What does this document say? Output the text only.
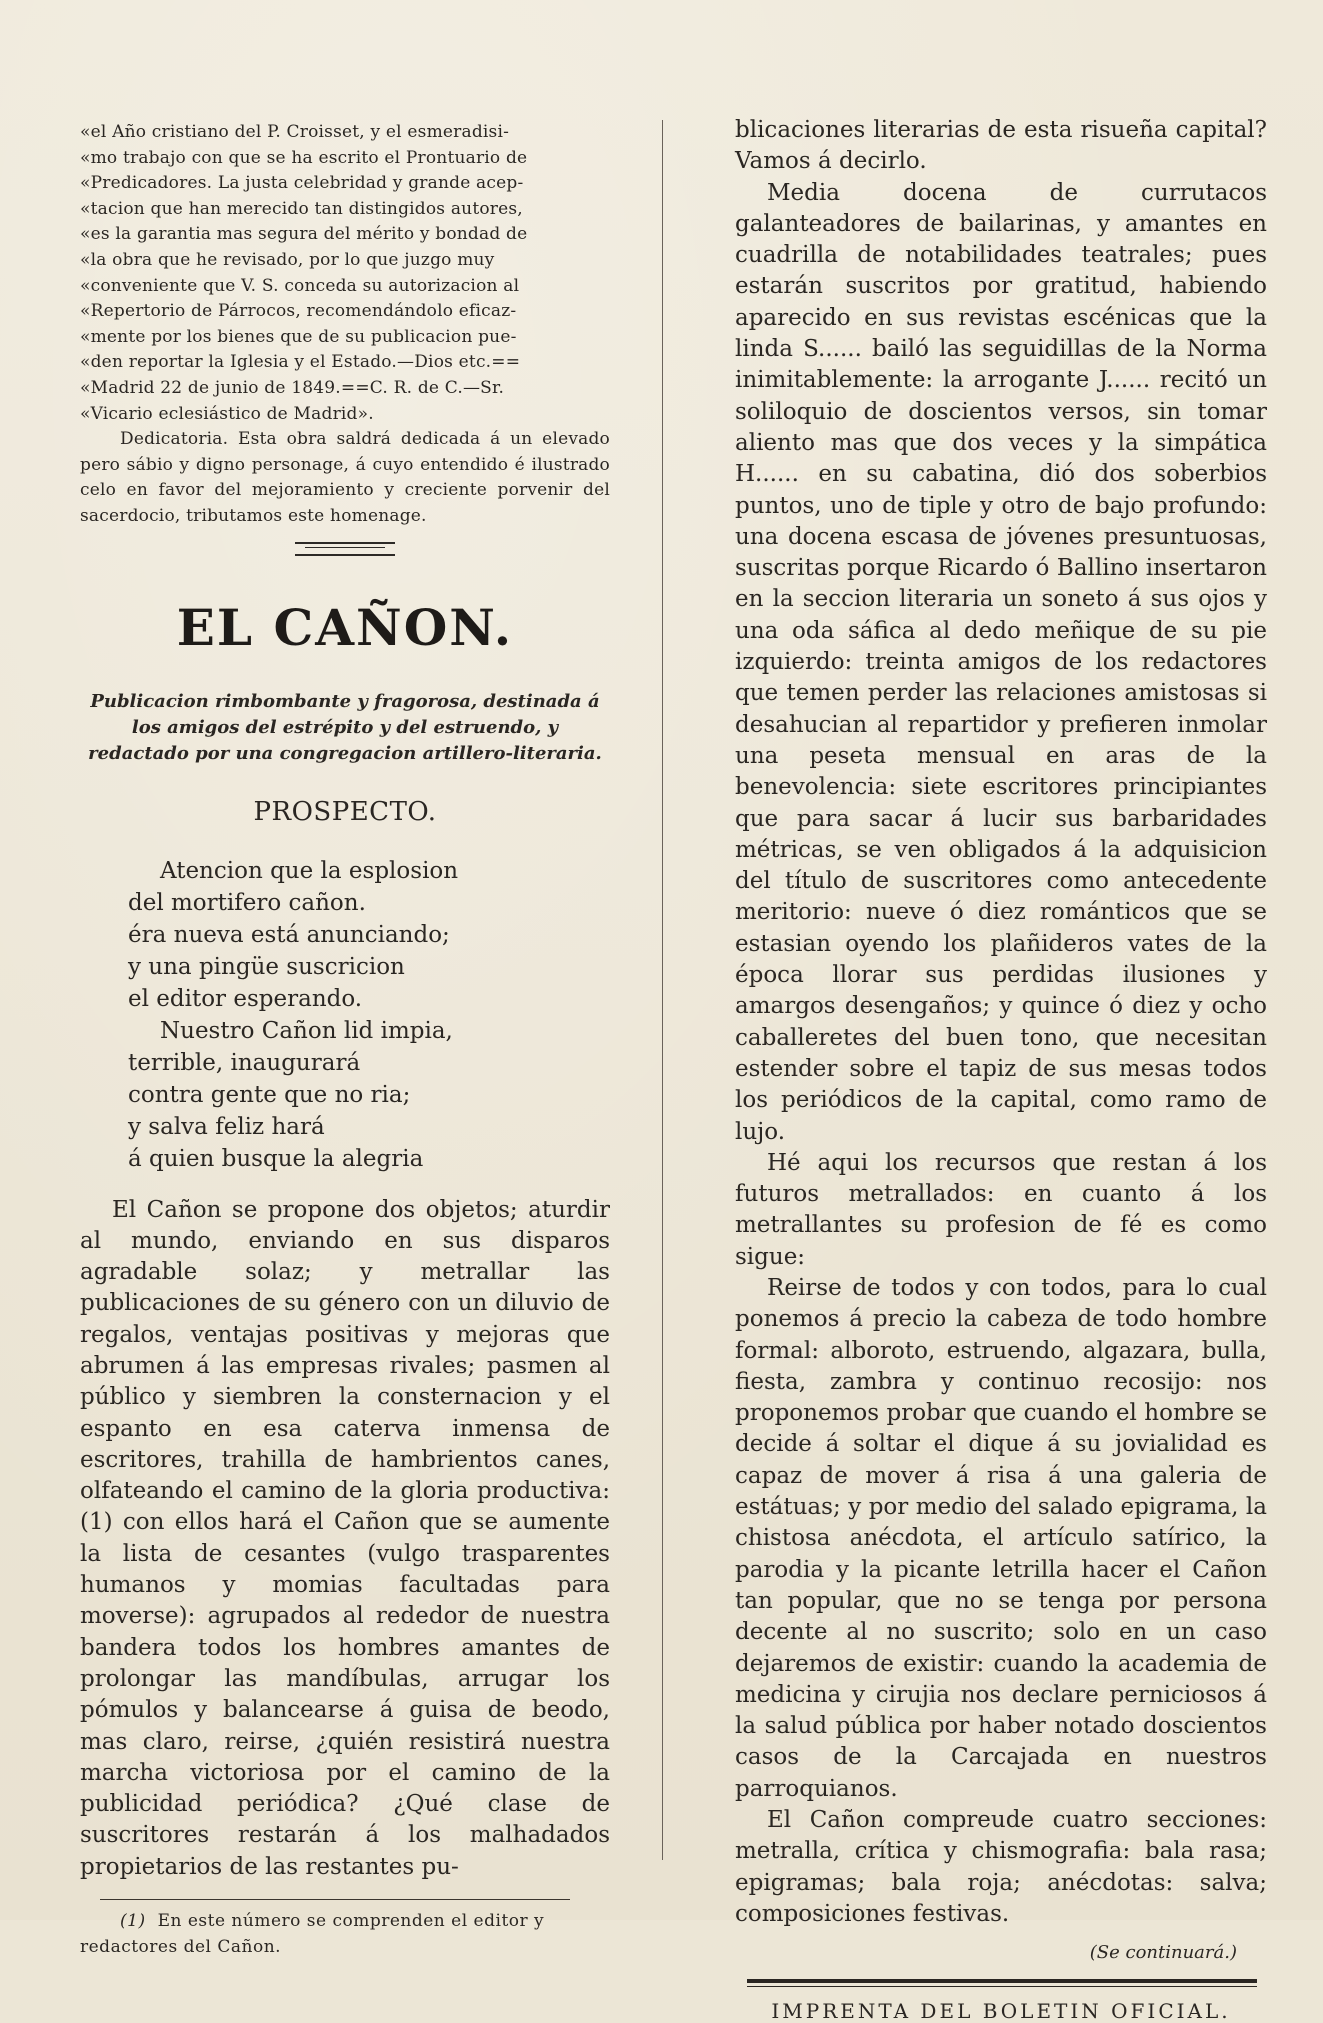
«el Año cristiano del P. Croisset, y el esmeradisi-

«mo trabajo con que se ha escrito el Prontuario de

«Predicadores. La justa celebridad y grande acep-

«tacion que han merecido tan distingidos autores,

«es la garantia mas segura del mérito y bondad de

«la obra que he revisado, por lo que juzgo muy

«conveniente que V. S. conceda su autorizacion al

«Repertorio de Párrocos, recomendándolo eficaz-

«mente por los bienes que de su publicacion pue-

«den reportar la Iglesia y el Estado.—Dios etc.==

«Madrid 22 de junio de 1849.==C. R. de C.—Sr.

«Vicario eclesiástico de Madrid».

Dedicatoria. Esta obra saldrá dedicada á un elevado pero sábio y digno personage, á cuyo entendido é ilustrado celo en favor del mejoramiento y creciente porvenir del sacerdocio, tributamos este homenage.

EL CAÑON.
Publicacion rimbombante y fragorosa, destinada á los amigos del estrépito y del estruendo, y redactado por una congregacion artillero-literaria.
PROSPECTO.
Atencion que la esplosion
del mortifero cañon.
éra nueva está anunciando;
y una pingüe suscricion
el editor esperando.
Nuestro Cañon lid impia,
terrible, inaugurará
contra gente que no ria;
y salva feliz hará
á quien busque la alegria

El Cañon se propone dos objetos; aturdir al mundo, enviando en sus disparos agradable solaz; y metrallar las publicaciones de su género con un diluvio de regalos, ventajas positivas y mejoras que abrumen á las empresas rivales; pasmen al público y siembren la consternacion y el espanto en esa caterva inmensa de escritores, trahilla de hambrientos canes, olfateando el camino de la gloria productiva: (1) con ellos hará el Cañon que se aumente la lista de cesantes (vulgo trasparentes humanos y momias facultadas para moverse): agrupados al rededor de nuestra bandera todos los hombres amantes de prolongar las mandíbulas, arrugar los pómulos y balancearse á guisa de beodo, mas claro, reirse, ¿quién resistirá nuestra marcha victoriosa por el camino de la publicidad periódica? ¿Qué clase de suscritores restarán á los malhadados propietarios de las restantes pu-

(1) En este número se comprenden el editor y redactores del Cañon.

blicaciones literarias de esta risueña capital? Vamos á decirlo.

Media docena de currutacos galanteadores de bailarinas, y amantes en cuadrilla de notabilidades teatrales; pues estarán suscritos por gratitud, habiendo aparecido en sus revistas escénicas que la linda S...... bailó las seguidillas de la Norma inimitablemente: la arrogante J...... recitó un soliloquio de doscientos versos, sin tomar aliento mas que dos veces y la simpática H...... en su cabatina, dió dos soberbios puntos, uno de tiple y otro de bajo profundo: una docena escasa de jóvenes presuntuosas, suscritas porque Ricardo ó Ballino insertaron en la seccion literaria un soneto á sus ojos y una oda sáfica al dedo meñique de su pie izquierdo: treinta amigos de los redactores que temen perder las relaciones amistosas si desahucian al repartidor y prefieren inmolar una peseta mensual en aras de la benevolencia: siete escritores principiantes que para sacar á lucir sus barbaridades métricas, se ven obligados á la adquisicion del título de suscritores como antecedente meritorio: nueve ó diez románticos que se estasian oyendo los plañideros vates de la época llorar sus perdidas ilusiones y amargos desengaños; y quince ó diez y ocho caballeretes del buen tono, que necesitan estender sobre el tapiz de sus mesas todos los periódicos de la capital, como ramo de lujo.

Hé aqui los recursos que restan á los futuros metrallados: en cuanto á los metrallantes su profesion de fé es como sigue:

Reirse de todos y con todos, para lo cual ponemos á precio la cabeza de todo hombre formal: alboroto, estruendo, algazara, bulla, fiesta, zambra y continuo recosijo: nos proponemos probar que cuando el hombre se decide á soltar el dique á su jovialidad es capaz de mover á risa á una galeria de estátuas; y por medio del salado epigrama, la chistosa anécdota, el artículo satírico, la parodia y la picante letrilla hacer el Cañon tan popular, que no se tenga por persona decente al no suscrito; solo en un caso dejaremos de existir: cuando la academia de medicina y cirujia nos declare perniciosos á la salud pública por haber notado doscientos casos de la Carcajada en nuestros parroquianos.

El Cañon compreude cuatro secciones: metralla, crítica y chismografia: bala rasa; epigramas; bala roja; anécdotas: salva; composiciones festivas.

(Se continuará.)
IMPRENTA DEL BOLETIN OFICIAL.
